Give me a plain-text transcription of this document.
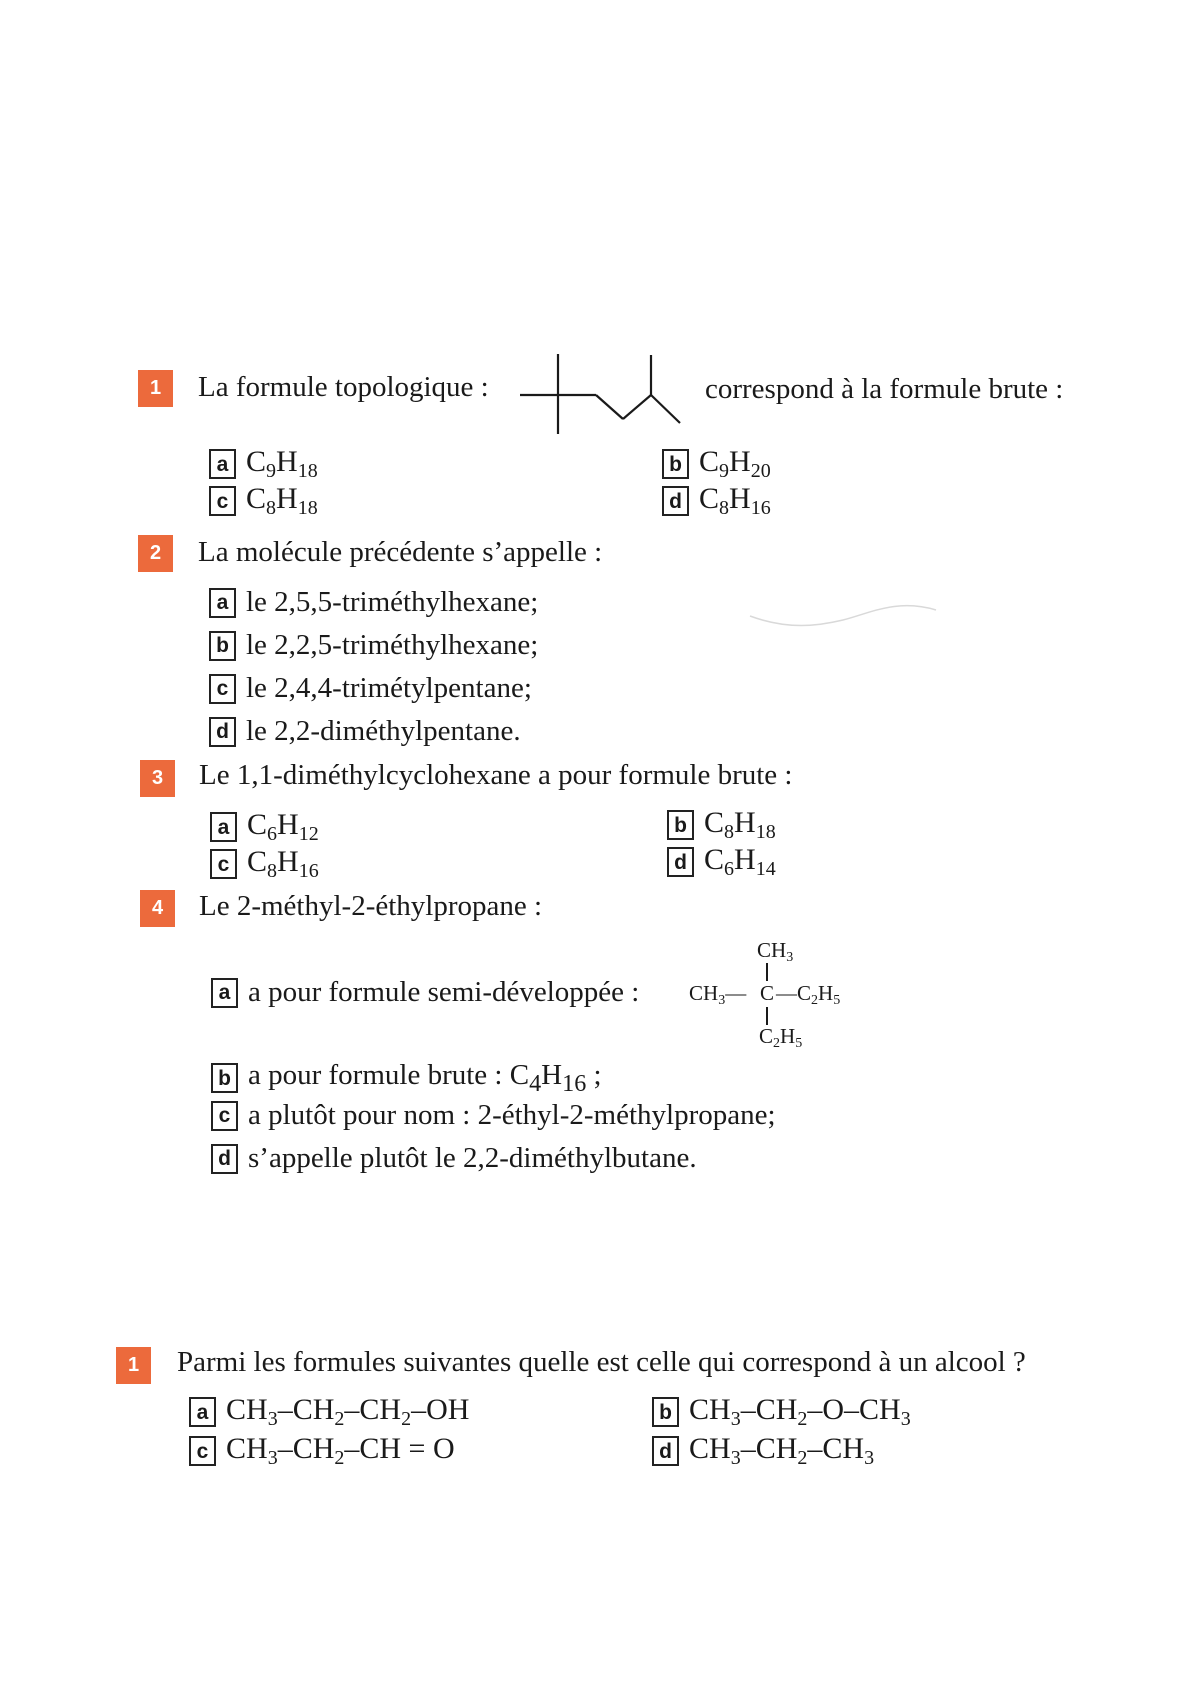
1	La formule topologique :	correspond à la formule brute :
a $C_9H_{18}$	b $C_9H_{20}$
c $C_8H_{18}$	d $C_8H_{16}$
2	La molécule précédente s’appelle :
a le 2,5,5-triméthylhexane;
b le 2,2,5-triméthylhexane;
c le 2,4,4-trimétylpentane;
d le 2,2-diméthylpentane.
3	Le 1,1-diméthylcyclohexane a pour formule brute :
a $C_6H_{12}$	b $C_8H_{18}$
c $C_8H_{16}$	d $C_6H_{14}$
4	Le 2-méthyl-2-éthylpropane :
a a pour formule semi-développée :
$CH_3$
$CH_3—$ C $—C_2H_5$
$C_2H_5$
b a pour formule brute : $C_4H_{16}$ ;
c a plutôt pour nom : 2-éthyl-2-méthylpropane;
d s’appelle plutôt le 2,2-diméthylbutane.
1	Parmi les formules suivantes quelle est celle qui correspond à un alcool ?
a $CH_3-CH_2-CH_2-OH$	b $CH_3-CH_2-O-CH_3$
c $CH_3-CH_2-CH = O$	d $CH_3-CH_2-CH_3$
